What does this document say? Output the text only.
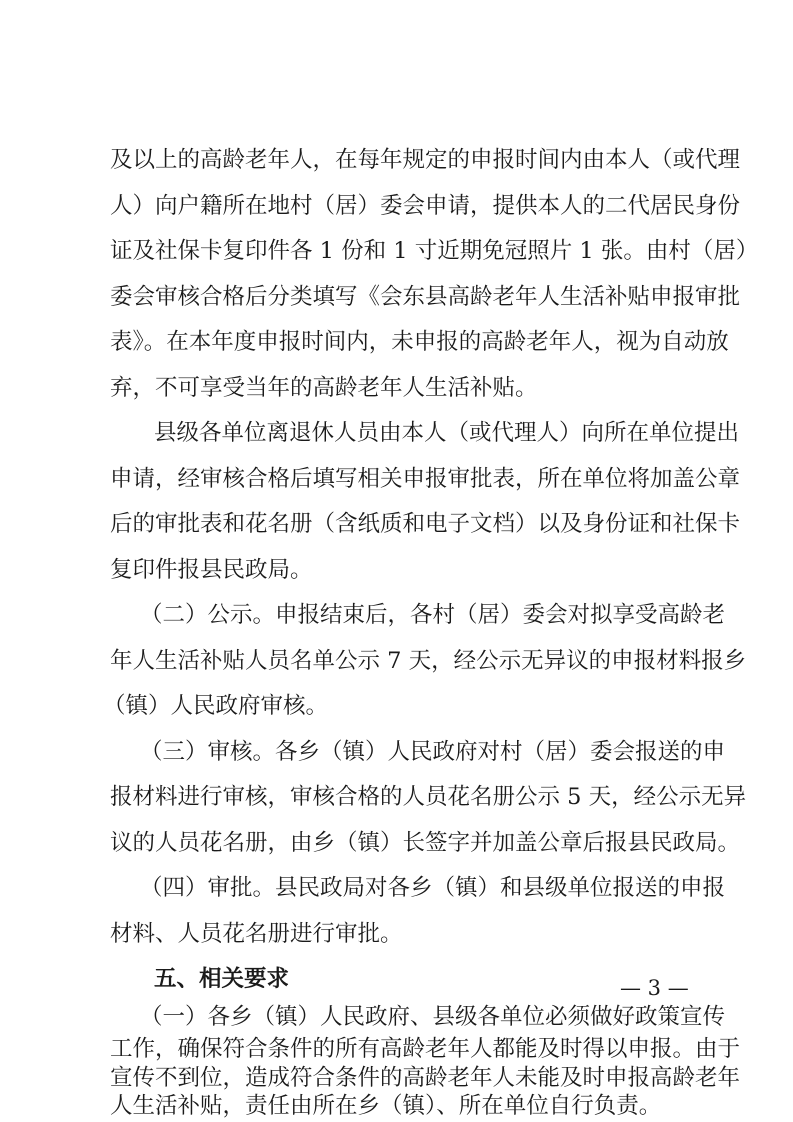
及以上的高龄老年人，在每年规定的申报时间内由本人（或代理
人）向户籍所在地村（居）委会申请，提供本人的二代居民身份
证及社保卡复印件各 1 份和 1 寸近期免冠照片 1 张。由村（居）
委会审核合格后分类填写《会东县高龄老年人生活补贴申报审批
表》。在本年度申报时间内，未申报的高龄老年人，视为自动放
弃，不可享受当年的高龄老年人生活补贴。
县级各单位离退休人员由本人（或代理人）向所在单位提出
申请，经审核合格后填写相关申报审批表，所在单位将加盖公章
后的审批表和花名册（含纸质和电子文档）以及身份证和社保卡
复印件报县民政局。
（二）公示。申报结束后，各村（居）委会对拟享受高龄老
年人生活补贴人员名单公示 7 天，经公示无异议的申报材料报乡
（镇）人民政府审核。
（三）审核。各乡（镇）人民政府对村（居）委会报送的申
报材料进行审核，审核合格的人员花名册公示 5 天，经公示无异
议的人员花名册，由乡（镇）长签字并加盖公章后报县民政局。
（四）审批。县民政局对各乡（镇）和县级单位报送的申报
材料、人员花名册进行审批。
五、相关要求
（一）各乡（镇）人民政府、县级各单位必须做好政策宣传
工作，确保符合条件的所有高龄老年人都能及时得以申报。由于
宣传不到位，造成符合条件的高龄老年人未能及时申报高龄老年
人生活补贴，责任由所在乡（镇）、所在单位自行负责。
— 3 —
